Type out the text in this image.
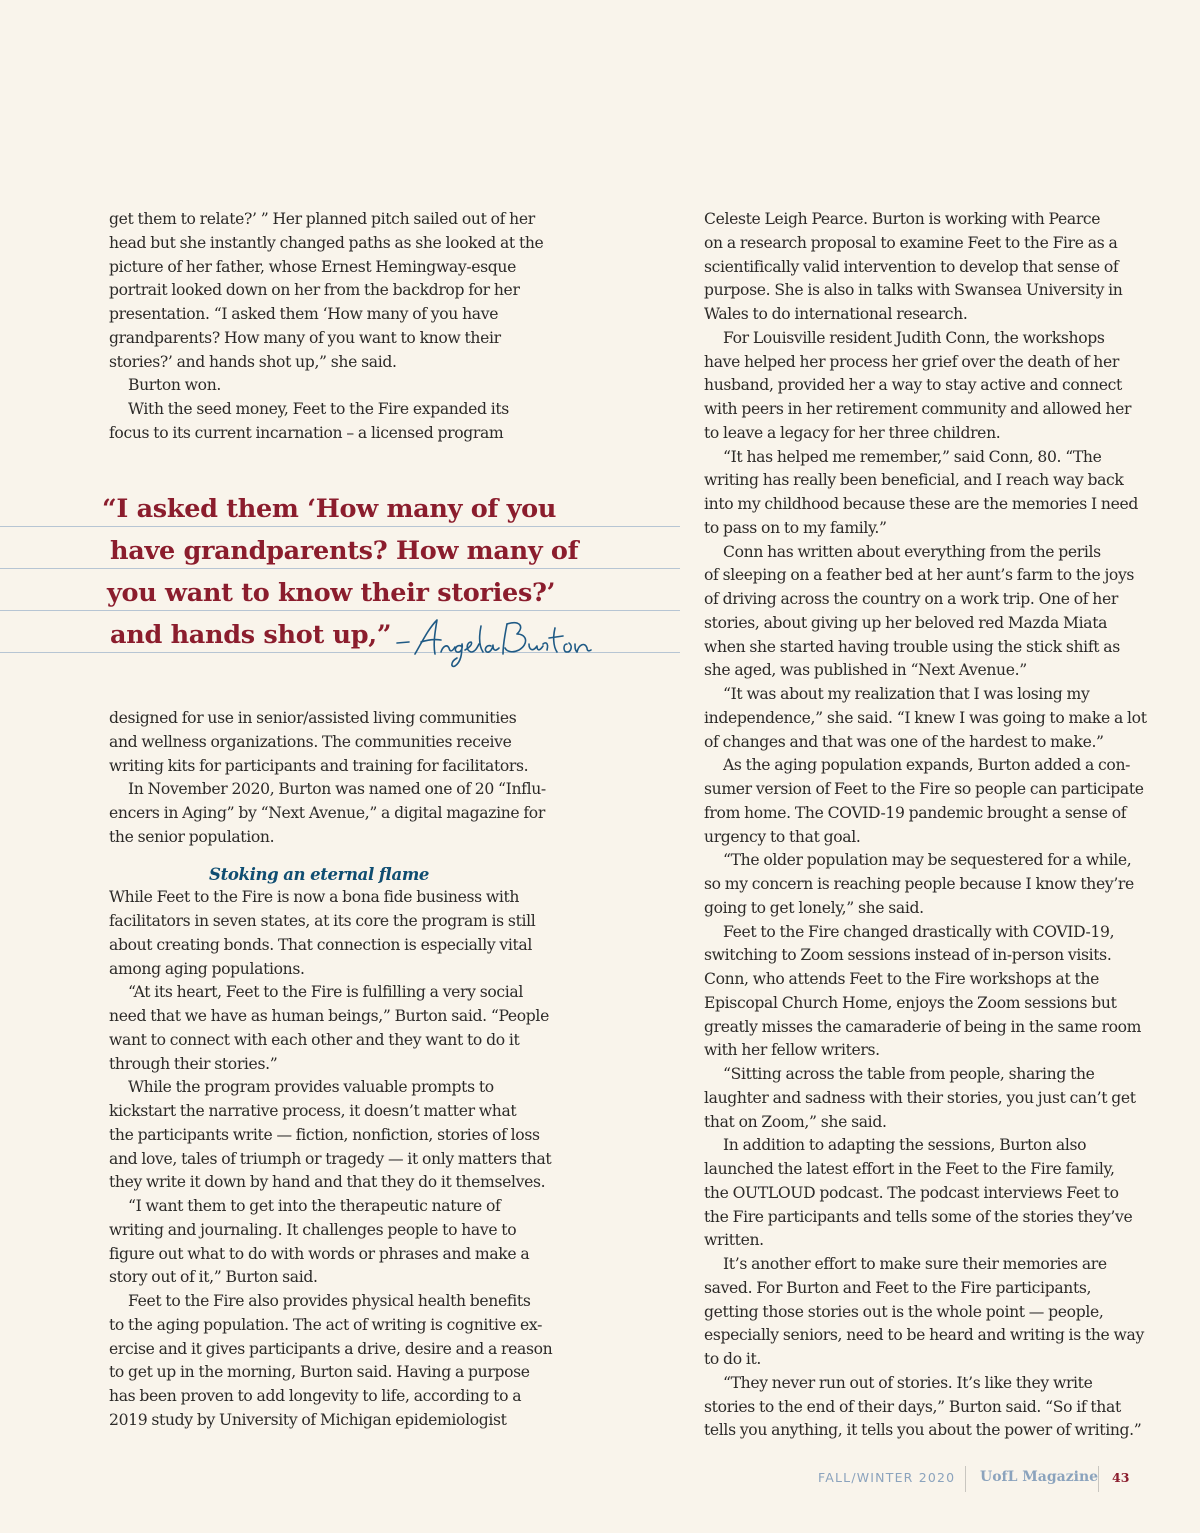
get them to relate?’ ” Her planned pitch sailed out of her
head but she instantly changed paths as she looked at the
picture of her father, whose Ernest Hemingway-esque
portrait looked down on her from the backdrop for her
presentation. “I asked them ‘How many of you have
grandparents? How many of you want to know their
stories?’ and hands shot up,” she said.
Burton won.
With the seed money, Feet to the Fire expanded its
focus to its current incarnation – a licensed program
designed for use in senior/assisted living communities
and wellness organizations. The communities receive
writing kits for participants and training for facilitators.
In November 2020, Burton was named one of 20 “Influ-
encers in Aging” by “Next Avenue,” a digital magazine for
the senior population.
Stoking an eternal flame
While Feet to the Fire is now a bona fide business with
facilitators in seven states, at its core the program is still
about creating bonds. That connection is especially vital
among aging populations.
“At its heart, Feet to the Fire is fulfilling a very social
need that we have as human beings,” Burton said. “People
want to connect with each other and they want to do it
through their stories.”
While the program provides valuable prompts to
kickstart the narrative process, it doesn’t matter what
the participants write — fiction, nonfiction, stories of loss
and love, tales of triumph or tragedy — it only matters that
they write it down by hand and that they do it themselves.
“I want them to get into the therapeutic nature of
writing and journaling. It challenges people to have to
figure out what to do with words or phrases and make a
story out of it,” Burton said.
Feet to the Fire also provides physical health benefits
to the aging population. The act of writing is cognitive ex-
ercise and it gives participants a drive, desire and a reason
to get up in the morning, Burton said. Having a purpose
has been proven to add longevity to life, according to a
2019 study by University of Michigan epidemiologist
Celeste Leigh Pearce. Burton is working with Pearce
on a research proposal to examine Feet to the Fire as a
scientifically valid intervention to develop that sense of
purpose. She is also in talks with Swansea University in
Wales to do international research.
For Louisville resident Judith Conn, the workshops
have helped her process her grief over the death of her
husband, provided her a way to stay active and connect
with peers in her retirement community and allowed her
to leave a legacy for her three children.
“It has helped me remember,” said Conn, 80. “The
writing has really been beneficial, and I reach way back
into my childhood because these are the memories I need
to pass on to my family.”
Conn has written about everything from the perils
of sleeping on a feather bed at her aunt’s farm to the joys
of driving across the country on a work trip. One of her
stories, about giving up her beloved red Mazda Miata
when she started having trouble using the stick shift as
she aged, was published in “Next Avenue.”
“It was about my realization that I was losing my
independence,” she said. “I knew I was going to make a lot
of changes and that was one of the hardest to make.”
As the aging population expands, Burton added a con-
sumer version of Feet to the Fire so people can participate
from home. The COVID-19 pandemic brought a sense of
urgency to that goal.
“The older population may be sequestered for a while,
so my concern is reaching people because I know they’re
going to get lonely,” she said.
Feet to the Fire changed drastically with COVID-19,
switching to Zoom sessions instead of in-person visits.
Conn, who attends Feet to the Fire workshops at the
Episcopal Church Home, enjoys the Zoom sessions but
greatly misses the camaraderie of being in the same room
with her fellow writers.
“Sitting across the table from people, sharing the
laughter and sadness with their stories, you just can’t get
that on Zoom,” she said.
In addition to adapting the sessions, Burton also
launched the latest effort in the Feet to the Fire family,
the OUTLOUD podcast. The podcast interviews Feet to
the Fire participants and tells some of the stories they’ve
written.
It’s another effort to make sure their memories are
saved. For Burton and Feet to the Fire participants,
getting those stories out is the whole point — people,
especially seniors, need to be heard and writing is the way
to do it.
“They never run out of stories. It’s like they write
stories to the end of their days,” Burton said. “So if that
tells you anything, it tells you about the power of writing.”
“I asked them ‘How many of you
have grandparents? How many of
you want to know their stories?’
and hands shot up,”
FALL/WINTER 2020 UofL Magazine 43
